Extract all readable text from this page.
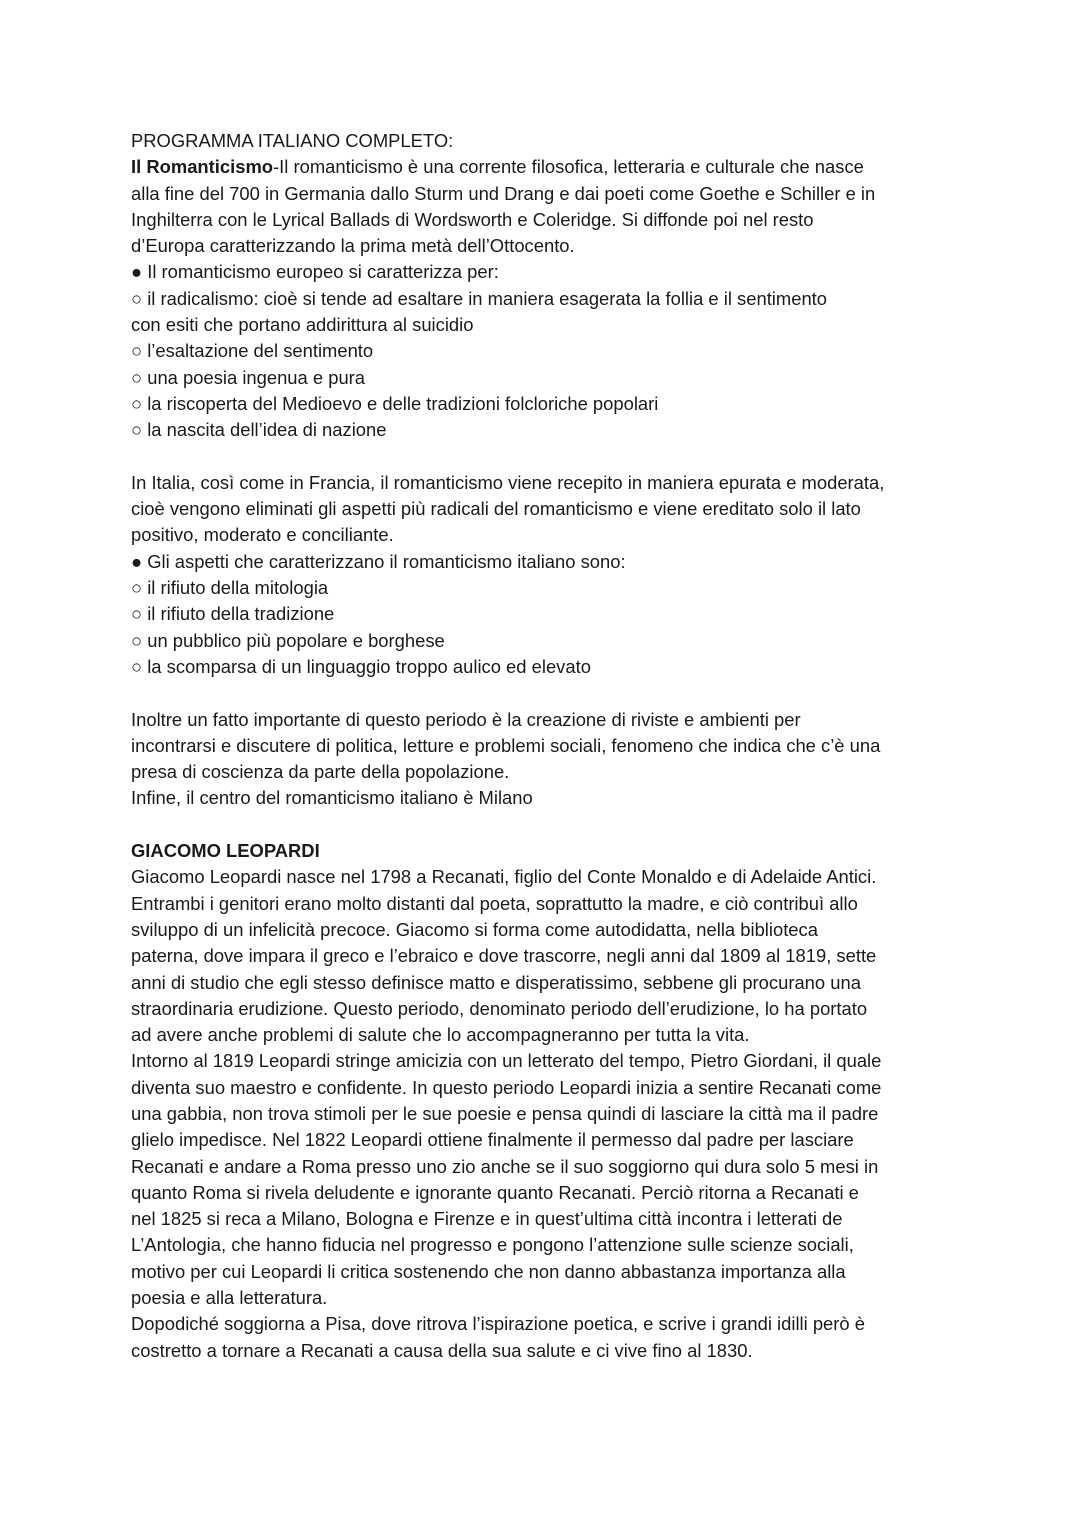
PROGRAMMA ITALIANO COMPLETO:
Il Romanticismo-Il romanticismo è una corrente filosofica, letteraria e culturale che nasce
alla fine del 700 in Germania dallo Sturm und Drang e dai poeti come Goethe e Schiller e in
Inghilterra con le Lyrical Ballads di Wordsworth e Coleridge. Si diffonde poi nel resto
d’Europa caratterizzando la prima metà dell’Ottocento.
● Il romanticismo europeo si caratterizza per:
○ il radicalismo: cioè si tende ad esaltare in maniera esagerata la follia e il sentimento
con esiti che portano addirittura al suicidio
○ l’esaltazione del sentimento
○ una poesia ingenua e pura
○ la riscoperta del Medioevo e delle tradizioni folcloriche popolari
○ la nascita dell’idea di nazione
In Italia, così come in Francia, il romanticismo viene recepito in maniera epurata e moderata,
cioè vengono eliminati gli aspetti più radicali del romanticismo e viene ereditato solo il lato
positivo, moderato e conciliante.
● Gli aspetti che caratterizzano il romanticismo italiano sono:
○ il rifiuto della mitologia
○ il rifiuto della tradizione
○ un pubblico più popolare e borghese
○ la scomparsa di un linguaggio troppo aulico ed elevato
Inoltre un fatto importante di questo periodo è la creazione di riviste e ambienti per
incontrarsi e discutere di politica, letture e problemi sociali, fenomeno che indica che c’è una
presa di coscienza da parte della popolazione.
Infine, il centro del romanticismo italiano è Milano
GIACOMO LEOPARDI
Giacomo Leopardi nasce nel 1798 a Recanati, figlio del Conte Monaldo e di Adelaide Antici.
Entrambi i genitori erano molto distanti dal poeta, soprattutto la madre, e ciò contribuì allo
sviluppo di un infelicità precoce. Giacomo si forma come autodidatta, nella biblioteca
paterna, dove impara il greco e l’ebraico e dove trascorre, negli anni dal 1809 al 1819, sette
anni di studio che egli stesso definisce matto e disperatissimo, sebbene gli procurano una
straordinaria erudizione. Questo periodo, denominato periodo dell’erudizione, lo ha portato
ad avere anche problemi di salute che lo accompagneranno per tutta la vita.
Intorno al 1819 Leopardi stringe amicizia con un letterato del tempo, Pietro Giordani, il quale
diventa suo maestro e confidente. In questo periodo Leopardi inizia a sentire Recanati come
una gabbia, non trova stimoli per le sue poesie e pensa quindi di lasciare la città ma il padre
glielo impedisce. Nel 1822 Leopardi ottiene finalmente il permesso dal padre per lasciare
Recanati e andare a Roma presso uno zio anche se il suo soggiorno qui dura solo 5 mesi in
quanto Roma si rivela deludente e ignorante quanto Recanati. Perciò ritorna a Recanati e
nel 1825 si reca a Milano, Bologna e Firenze e in quest’ultima città incontra i letterati de
L’Antologia, che hanno fiducia nel progresso e pongono l’attenzione sulle scienze sociali,
motivo per cui Leopardi li critica sostenendo che non danno abbastanza importanza alla
poesia e alla letteratura.
Dopodiché soggiorna a Pisa, dove ritrova l’ispirazione poetica, e scrive i grandi idilli però è
costretto a tornare a Recanati a causa della sua salute e ci vive fino al 1830.
